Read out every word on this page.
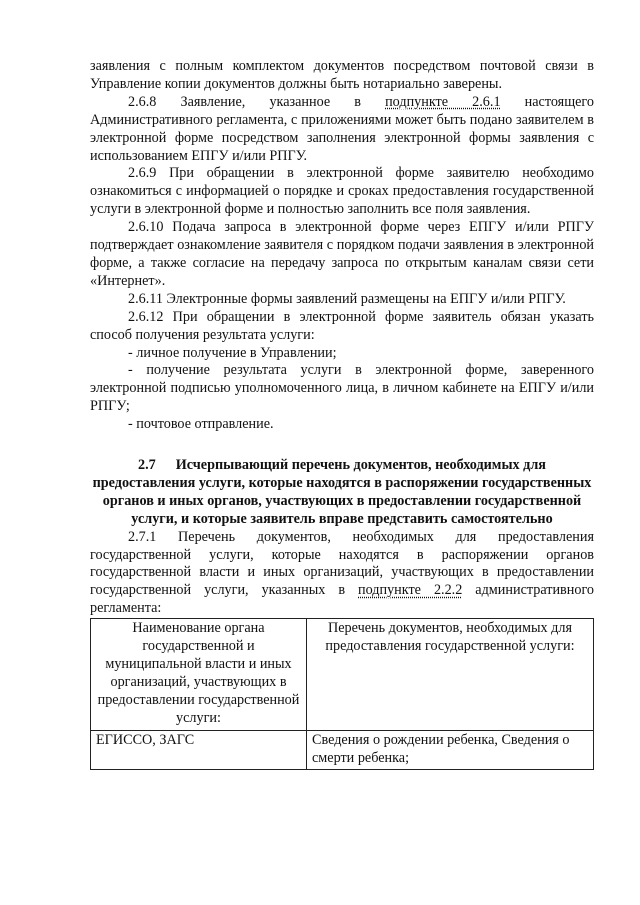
заявления с полным комплектом документов посредством почтовой связи в Управление копии документов должны быть нотариально заверены.

2.6.8 Заявление, указанное в подпункте 2.6.1 настоящего Административного регламента, с приложениями может быть подано заявителем в электронной форме посредством заполнения электронной формы заявления с использованием ЕПГУ и/или РПГУ.

2.6.9 При обращении в электронной форме заявителю необходимо ознакомиться с информацией о порядке и сроках предоставления государственной услуги в электронной форме и полностью заполнить все поля заявления.

2.6.10 Подача запроса в электронной форме через ЕПГУ и/или РПГУ подтверждает ознакомление заявителя с порядком подачи заявления в электронной форме, а также согласие на передачу запроса по открытым каналам связи сети «Интернет».

2.6.11 Электронные формы заявлений размещены на ЕПГУ и/или РПГУ.

2.6.12 При обращении в электронной форме заявитель обязан указать способ получения результата услуги:

- личное получение в Управлении;

- получение результата услуги в электронной форме, заверенного электронной подписью уполномоченного лица, в личном кабинете на ЕПГУ и/или РПГУ;

- почтовое отправление.

2.7 Исчерпывающий перечень документов, необходимых для предоставления услуги, которые находятся в распоряжении государственных органов и иных органов, участвующих в предоставлении государственной услуги, и которые заявитель вправе представить самостоятельно

2.7.1 Перечень документов, необходимых для предоставления государственной услуги, которые находятся в распоряжении органов государственной власти и иных организаций, участвующих в предоставлении государственной услуги, указанных в подпункте 2.2.2 административного регламента:

Наименование органа государственной и муниципальной власти и иных организаций, участвующих в предоставлении государственной услуги:	Перечень документов, необходимых для предоставления государственной услуги:
ЕГИССО, ЗАГС	Сведения о рождении ребенка, Сведения о смерти ребенка;
